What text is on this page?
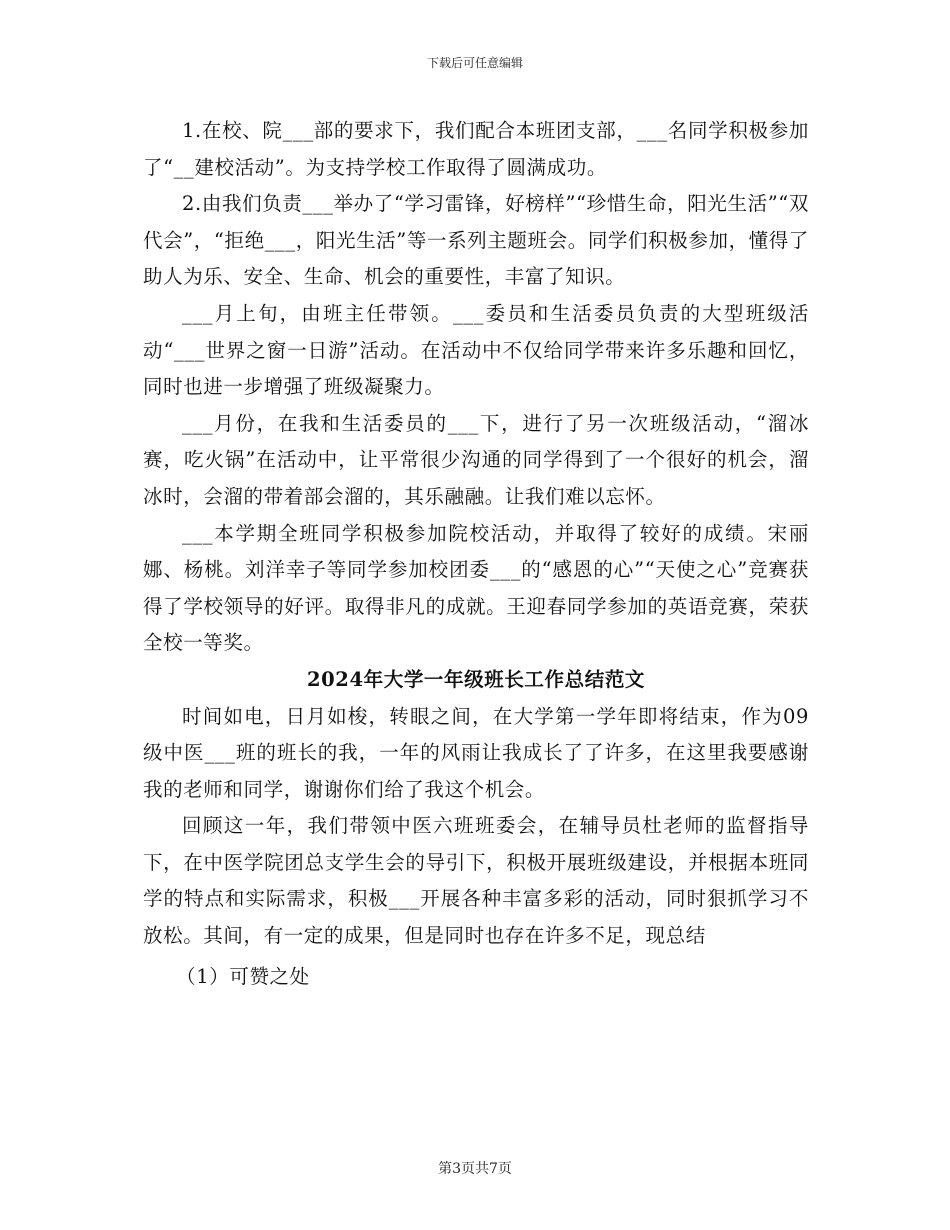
下载后可任意编辑

1.在校、院___部的要求下，我们配合本班团支部，___名同学积极参加了“__建校活动”。为支持学校工作取得了圆满成功。

2.由我们负责___举办了“学习雷锋，好榜样”“珍惜生命，阳光生活”“双代会”，“拒绝___，阳光生活”等一系列主题班会。同学们积极参加，懂得了助人为乐、安全、生命、机会的重要性，丰富了知识。

___月上旬，由班主任带领。___委员和生活委员负责的大型班级活动“___世界之窗一日游”活动。在活动中不仅给同学带来许多乐趣和回忆，同时也进一步增强了班级凝聚力。

___月份，在我和生活委员的___下，进行了另一次班级活动，“溜冰赛，吃火锅”在活动中，让平常很少沟通的同学得到了一个很好的机会，溜冰时，会溜的带着部会溜的，其乐融融。让我们难以忘怀。

___本学期全班同学积极参加院校活动，并取得了较好的成绩。宋丽娜、杨桃。刘洋幸子等同学参加校团委___的“感恩的心”“天使之心”竞赛获得了学校领导的好评。取得非凡的成就。王迎春同学参加的英语竞赛，荣获全校一等奖。

2024年大学一年级班长工作总结范文

时间如电，日月如梭，转眼之间，在大学第一学年即将结束，作为09级中医___班的班长的我，一年的风雨让我成长了了许多，在这里我要感谢我的老师和同学，谢谢你们给了我这个机会。

回顾这一年，我们带领中医六班班委会，在辅导员杜老师的监督指导下，在中医学院团总支学生会的导引下，积极开展班级建设，并根据本班同学的特点和实际需求，积极___开展各种丰富多彩的活动，同时狠抓学习不放松。其间，有一定的成果，但是同时也存在许多不足，现总结

（1）可赞之处

第3页共7页
